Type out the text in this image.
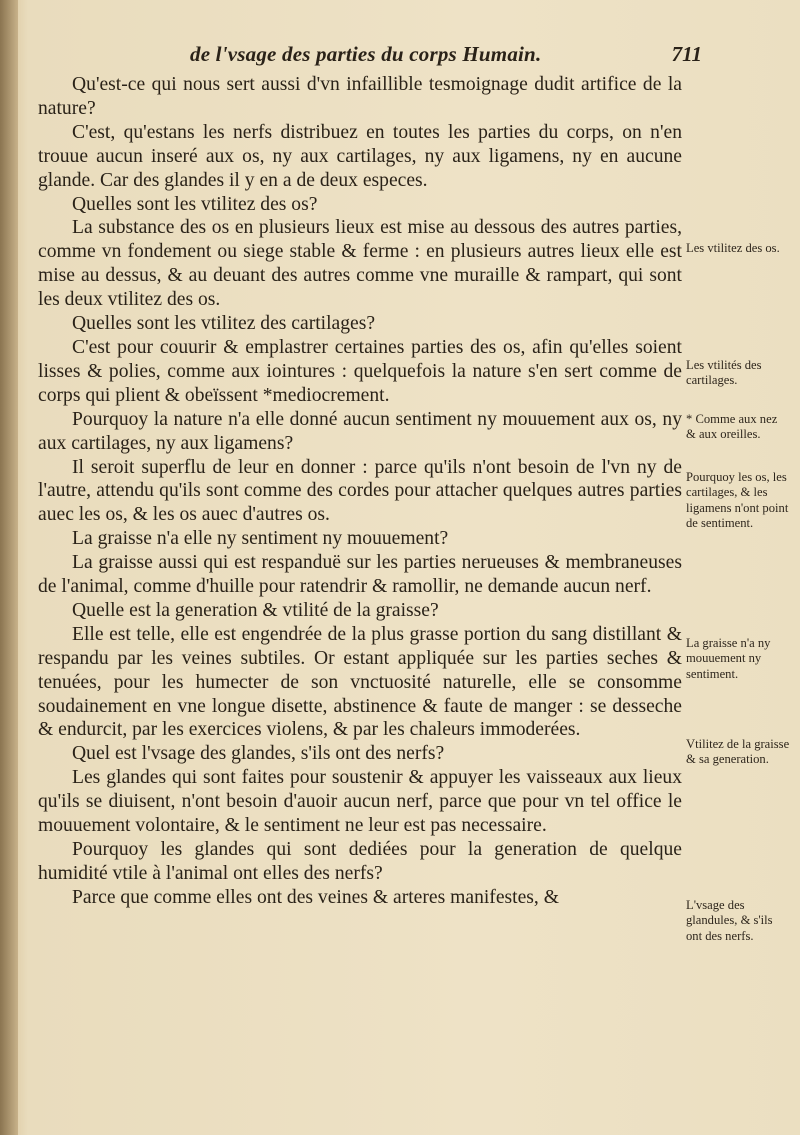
de l'vsage des parties du corps Humain.	711

Qu'est-ce qui nous sert aussi d'vn infaillible tesmoignage dudit artifice de la nature?

C'est, qu'estans les nerfs distribuez en toutes les parties du corps, on n'en trouue aucun inseré aux os, ny aux cartilages, ny aux ligamens, ny en aucune glande. Car des glandes il y en a de deux especes.

Quelles sont les vtilitez des os?

La substance des os en plusieurs lieux est mise au dessous des autres parties, comme vn fondement ou siege stable & ferme : en plusieurs autres lieux elle est mise au dessus, & au deuant des autres comme vne muraille & rampart, qui sont les deux vtilitez des os.

Quelles sont les vtilitez des cartilages?

C'est pour couurir & emplastrer certaines parties des os, afin qu'elles soient lisses & polies, comme aux iointures : quelquefois la nature s'en sert comme de corps qui plient & obeïssent *mediocrement.

Pourquoy la nature n'a elle donné aucun sentiment ny mouuement aux os, ny aux cartilages, ny aux ligamens?

Il seroit superflu de leur en donner : parce qu'ils n'ont besoin de l'vn ny de l'autre, attendu qu'ils sont comme des cordes pour attacher quelques autres parties auec les os, & les os auec d'autres os.

La graisse n'a elle ny sentiment ny mouuement?

La graisse aussi qui est respanduë sur les parties nerueuses & membraneuses de l'animal, comme d'huille pour ratendrir & ramollir, ne demande aucun nerf.

Quelle est la generation & vtilité de la graisse?

Elle est telle, elle est engendrée de la plus grasse portion du sang distillant & respandu par les veines subtiles. Or estant appliquée sur les parties seches & tenuées, pour les humecter de son vnctuosité naturelle, elle se consomme soudainement en vne longue disette, abstinence & faute de manger : se desseche & endurcit, par les exercices violens, & par les chaleurs immoderées.

Quel est l'vsage des glandes, s'ils ont des nerfs?

Les glandes qui sont faites pour soustenir & appuyer les vaisseaux aux lieux qu'ils se diuisent, n'ont besoin d'auoir aucun nerf, parce que pour vn tel office le mouuement volontaire, & le sentiment ne leur est pas necessaire.

Pourquoy les glandes qui sont dediées pour la generation de quelque humidité vtile à l'animal ont elles des nerfs?

Parce que comme elles ont des veines & arteres manifestes, &

Les vtilitez des os.

Les vtilités des cartilages.

* Comme aux nez & aux oreilles.

Pourquoy les os, les cartilages, & les ligamens n'ont point de sentiment.

La graisse n'a ny mouuement ny sentiment.

Vtilitez de la graisse & sa generation.

L'vsage des glandules, & s'ils ont des nerfs.
